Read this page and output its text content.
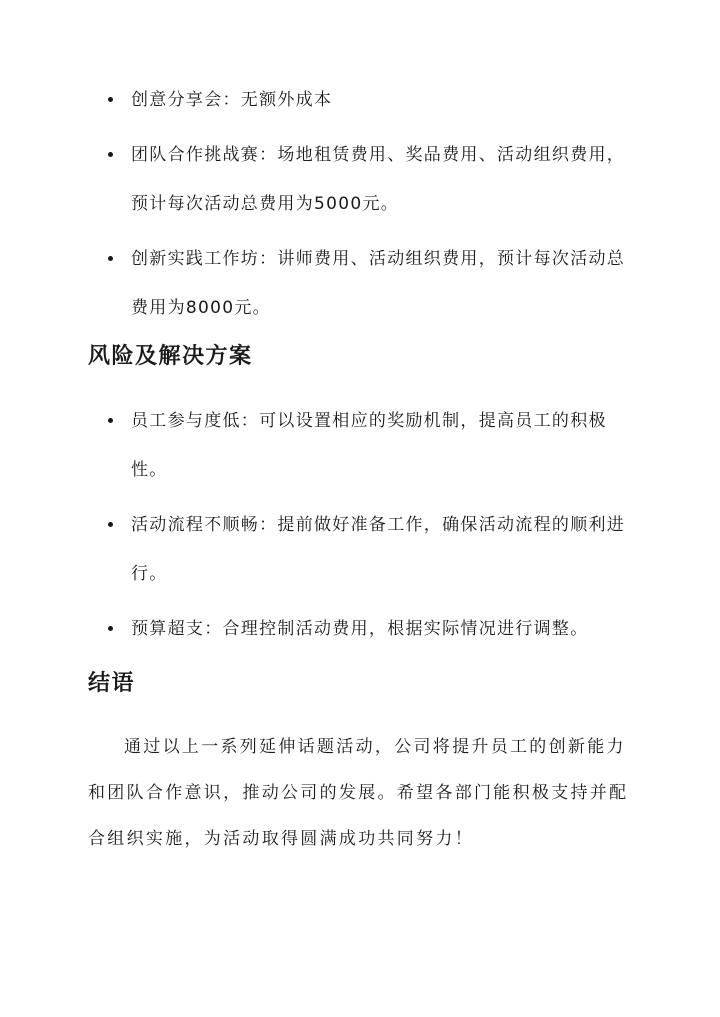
创意分享会：无额外成本
团队合作挑战赛：场地租赁费用、奖品费用、活动组织费用，预计每次活动总费用为5000元。
创新实践工作坊：讲师费用、活动组织费用，预计每次活动总费用为8000元。
风险及解决方案
员工参与度低：可以设置相应的奖励机制，提高员工的积极性。
活动流程不顺畅：提前做好准备工作，确保活动流程的顺利进行。
预算超支：合理控制活动费用，根据实际情况进行调整。
结语

通过以上一系列延伸话题活动，公司将提升员工的创新能力和团队合作意识，推动公司的发展。希望各部门能积极支持并配合组织实施，为活动取得圆满成功共同努力！
